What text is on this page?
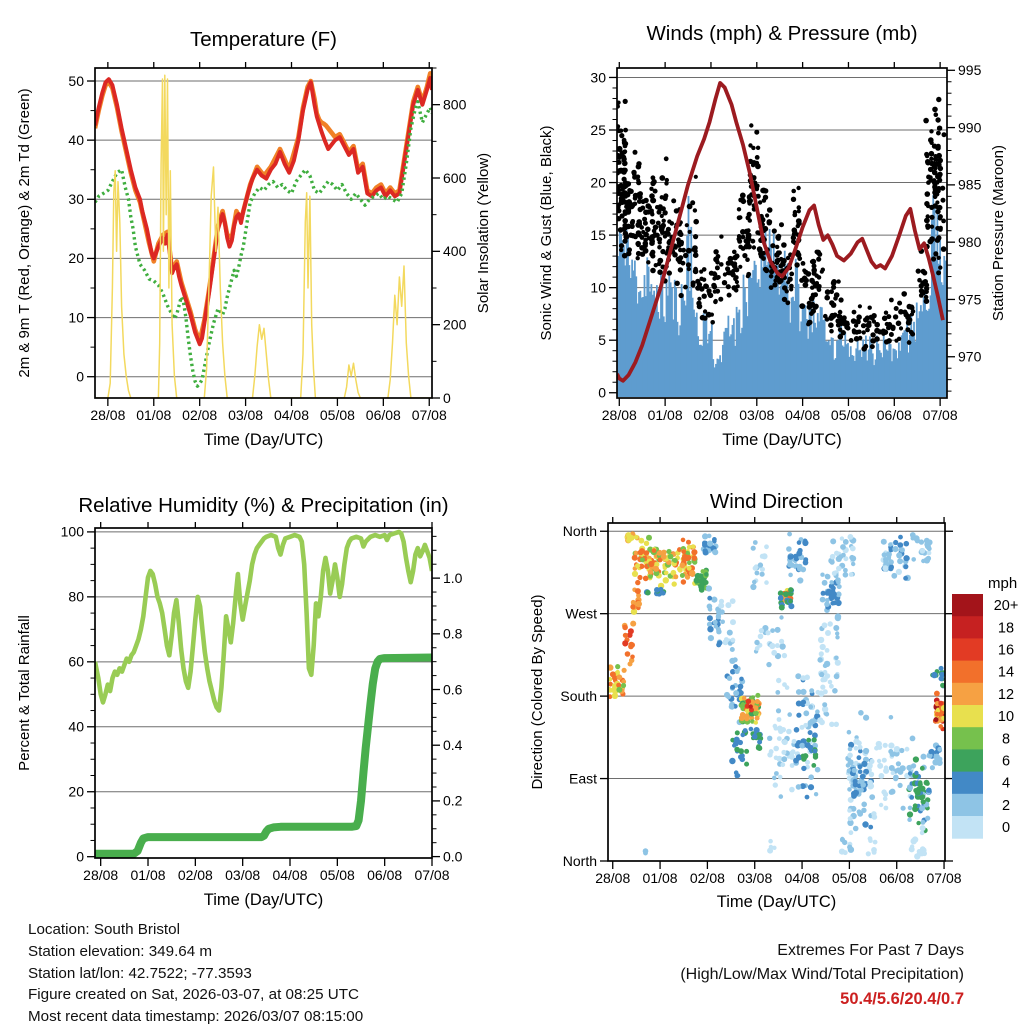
28/08 01/08 02/08 03/08 04/08 05/08 06/08 07/08
0
10
20
30
40
50
0
200
400
600
800
Temperature (F)
Time (Day/UTC)
2m & 9m T (Red, Orange) & 2m Td (Green)	Solar Insolation (Yellow)
28/08 01/08 02/08 03/08 04/08 05/08 06/08 07/08
0
5
10
15
20
25
30
970
975
980
985
990
995
Winds (mph) & Pressure (mb)
Time (Day/UTC)
Sonic Wind & Gust (Blue, Black)	Station Pressure (Maroon)
28/08 01/08 02/08 03/08 04/08 05/08 06/08 07/08
0
20
40
60
80
100
0.0
0.2
0.4
0.6
0.8
1.0
Relative Humidity (%) & Precipitation (in)
Time (Day/UTC)
Percent & Total Rainfall
28/08 01/08 02/08 03/08 04/08 05/08 06/08 07/08
North
East
South
West
North
Wind Direction
Time (Day/UTC)
Direction (Colored By Speed)
mph
20+
18
16
14
12
10
8
6
4
2
0
Location: South Bristol
Station elevation: 349.64 m
Station lat/lon: 42.7522; -77.3593
Figure created on Sat, 2026-03-07, at 08:25 UTC
Most recent data timestamp: 2026/03/07 08:15:00
Extremes For Past 7 Days
(High/Low/Max Wind/Total Precipitation)
50.4/5.6/20.4/0.7
